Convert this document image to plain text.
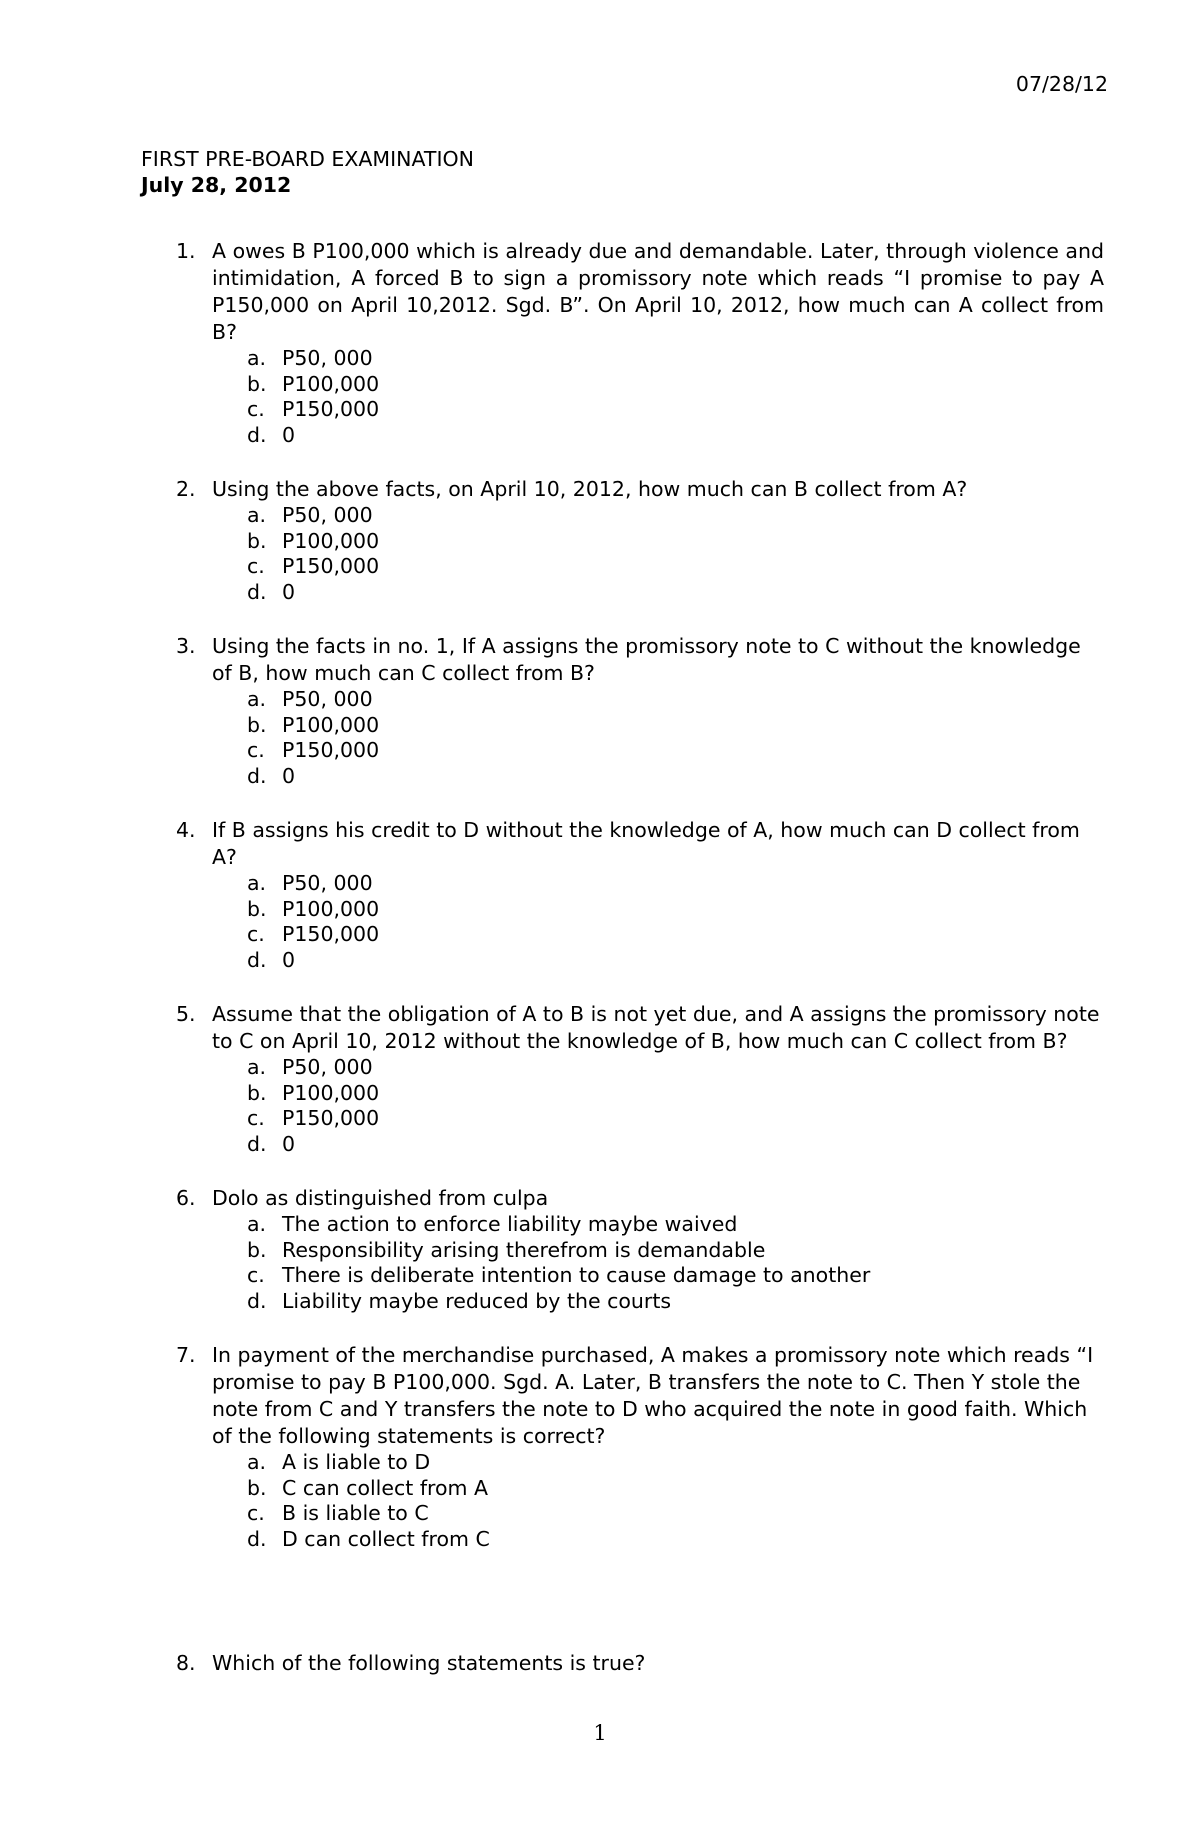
07/28/12
FIRST PRE-BOARD EXAMINATION
July 28, 2012
1. A owes B P100,000 which is already due and demandable. Later, through violence and intimidation, A forced B to sign a promissory note which reads “I promise to pay A P150,000 on April 10,2012. Sgd. B”. On April 10, 2012, how much can A collect from B?
a. P50, 000
b. P100,000
c. P150,000
d. 0
2. Using the above facts, on April 10, 2012, how much can B collect from A?
a. P50, 000
b. P100,000
c. P150,000
d. 0
3. Using the facts in no. 1, If A assigns the promissory note to C without the knowledge of B, how much can C collect from B?
a. P50, 000
b. P100,000
c. P150,000
d. 0
4. If B assigns his credit to D without the knowledge of A, how much can D collect from A?
a. P50, 000
b. P100,000
c. P150,000
d. 0
5. Assume that the obligation of A to B is not yet due, and A assigns the promissory note to C on April 10, 2012 without the knowledge of B, how much can C collect from B?
a. P50, 000
b. P100,000
c. P150,000
d. 0
6. Dolo as distinguished from culpa
a. The action to enforce liability maybe waived
b. Responsibility arising therefrom is demandable
c. There is deliberate intention to cause damage to another
d. Liability maybe reduced by the courts
7. In payment of the merchandise purchased, A makes a promissory note which reads “I promise to pay B P100,000. Sgd. A. Later, B transfers the note to C. Then Y stole the note from C and Y transfers the note to D who acquired the note in good faith. Which of the following statements is correct?
a. A is liable to D
b. C can collect from A
c. B is liable to C
d. D can collect from C
8. Which of the following statements is true?
1
